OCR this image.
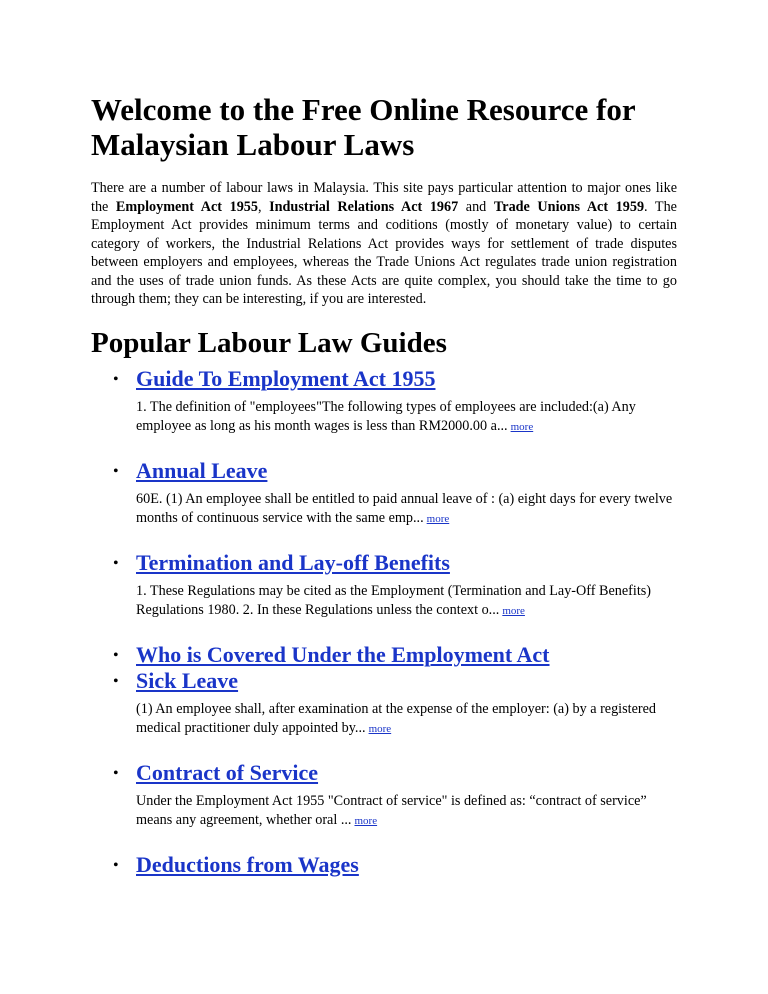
Welcome to the Free Online Resource for Malaysian Labour Laws

There are a number of labour laws in Malaysia. This site pays particular attention to major ones like the Employment Act 1955, Industrial Relations Act 1967 and Trade Unions Act 1959. The Employment Act provides minimum terms and coditions (mostly of monetary value) to certain category of workers, the Industrial Relations Act provides ways for settlement of trade disputes between employers and employees, whereas the Trade Unions Act regulates trade union registration and the uses of trade union funds. As these Acts are quite complex, you should take the time to go through them; they can be interesting, if you are interested.

Popular Labour Law Guides
• Guide To Employment Act 1955

1. The definition of "employees"The following types of employees are included:(a) Any employee as long as his month wages is less than RM2000.00 a... more

• Annual Leave

60E. (1) An employee shall be entitled to paid annual leave of : (a) eight days for every twelve months of continuous service with the same emp... more

• Termination and Lay-off Benefits

1. These Regulations may be cited as the Employment (Termination and Lay-Off Benefits) Regulations 1980. 2. In these Regulations unless the context o... more

• Who is Covered Under the Employment Act
• Sick Leave

(1) An employee shall, after examination at the expense of the employer: (a) by a registered medical practitioner duly appointed by... more

• Contract of Service

Under the Employment Act 1955 "Contract of service" is defined as: “contract of service” means any agreement, whether oral ... more

• Deductions from Wages
